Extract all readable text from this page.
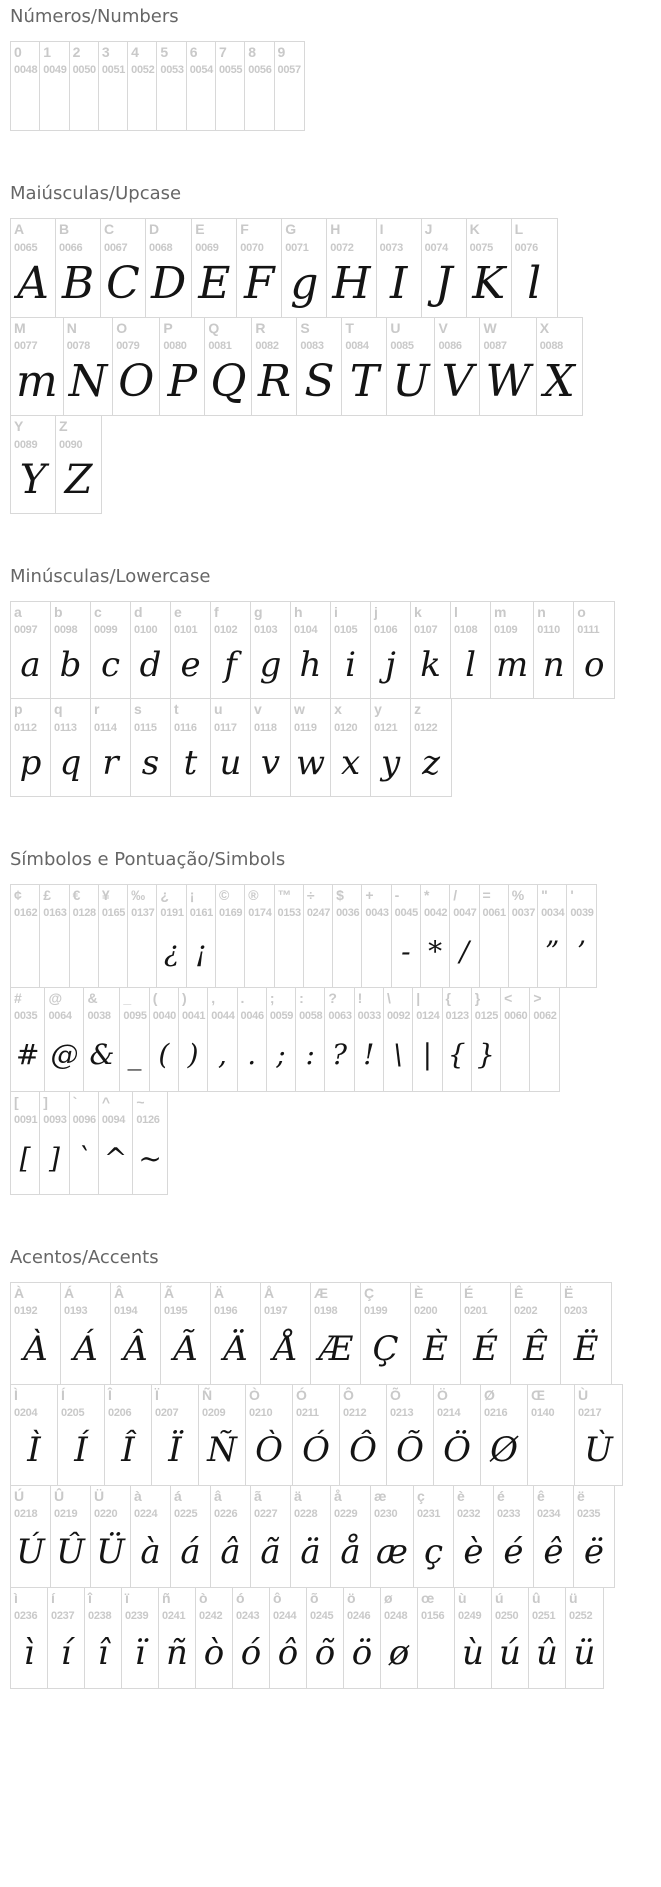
Números/Numbers
0
0048
1
0049
2
0050
3
0051
4
0052
5
0053
6
0054
7
0055
8
0056
9
0057
Maiúsculas/Upcase
A
0065
A
B
0066
B
C
0067
C
D
0068
D
E
0069
E
F
0070
F
G
0071
g
H
0072
H
I
0073
I
J
0074
J
K
0075
K
L
0076
l
M
0077
m
N
0078
N
O
0079
O
P
0080
P
Q
0081
Q
R
0082
R
S
0083
S
T
0084
T
U
0085
U
V
0086
V
W
0087
W
X
0088
X
Y
0089
Y
Z
0090
Z
Minúsculas/Lowercase
a
0097
a
b
0098
b
c
0099
c
d
0100
d
e
0101
e
f
0102
f
g
0103
g
h
0104
h
i
0105
i
j
0106
j
k
0107
k
l
0108
l
m
0109
m
n
0110
n
o
0111
o
p
0112
p
q
0113
q
r
0114
r
s
0115
s
t
0116
t
u
0117
u
v
0118
v
w
0119
w
x
0120
x
y
0121
y
z
0122
z
Símbolos e Pontuação/Simbols
¢
0162
£
0163
€
0128
¥
0165
‰
0137
¿
0191
¿
¡
0161
¡
©
0169
®
0174
™
0153
÷
0247
$
0036
+
0043
-
0045
-
*
0042
*
/
0047
/
=
0061
%
0037
"
0034
”
'
0039
’
#
0035
#
@
0064
@
&
0038
&
_
0095
_
(
0040
(
)
0041
)
,
0044
,
.
0046
.
;
0059
;
:
0058
:
?
0063
?
!
0033
!
\
0092
\
|
0124
|
{
0123
{
}
0125
}
<
0060
>
0062
[
0091
[
]
0093
]
`
0096
`
^
0094
^
~
0126
~
Acentos/Accents
À
0192
À
Á
0193
Á
Â
0194
Â
Ã
0195
Ã
Ä
0196
Ä
Å
0197
Å
Æ
0198
Æ
Ç
0199
Ç
È
0200
È
É
0201
É
Ê
0202
Ê
Ë
0203
Ë
Ì
0204
Ì
Í
0205
Í
Î
0206
Î
Ï
0207
Ï
Ñ
0209
Ñ
Ò
0210
Ò
Ó
0211
Ó
Ô
0212
Ô
Õ
0213
Õ
Ö
0214
Ö
Ø
0216
Ø
Œ
0140
Ù
0217
Ù
Ú
0218
Ú
Û
0219
Û
Ü
0220
Ü
à
0224
à
á
0225
á
â
0226
â
ã
0227
ã
ä
0228
ä
å
0229
å
æ
0230
æ
ç
0231
ç
è
0232
è
é
0233
é
ê
0234
ê
ë
0235
ë
ì
0236
ì
í
0237
í
î
0238
î
ï
0239
ï
ñ
0241
ñ
ò
0242
ò
ó
0243
ó
ô
0244
ô
õ
0245
õ
ö
0246
ö
ø
0248
ø
œ
0156
ù
0249
ù
ú
0250
ú
û
0251
û
ü
0252
ü
